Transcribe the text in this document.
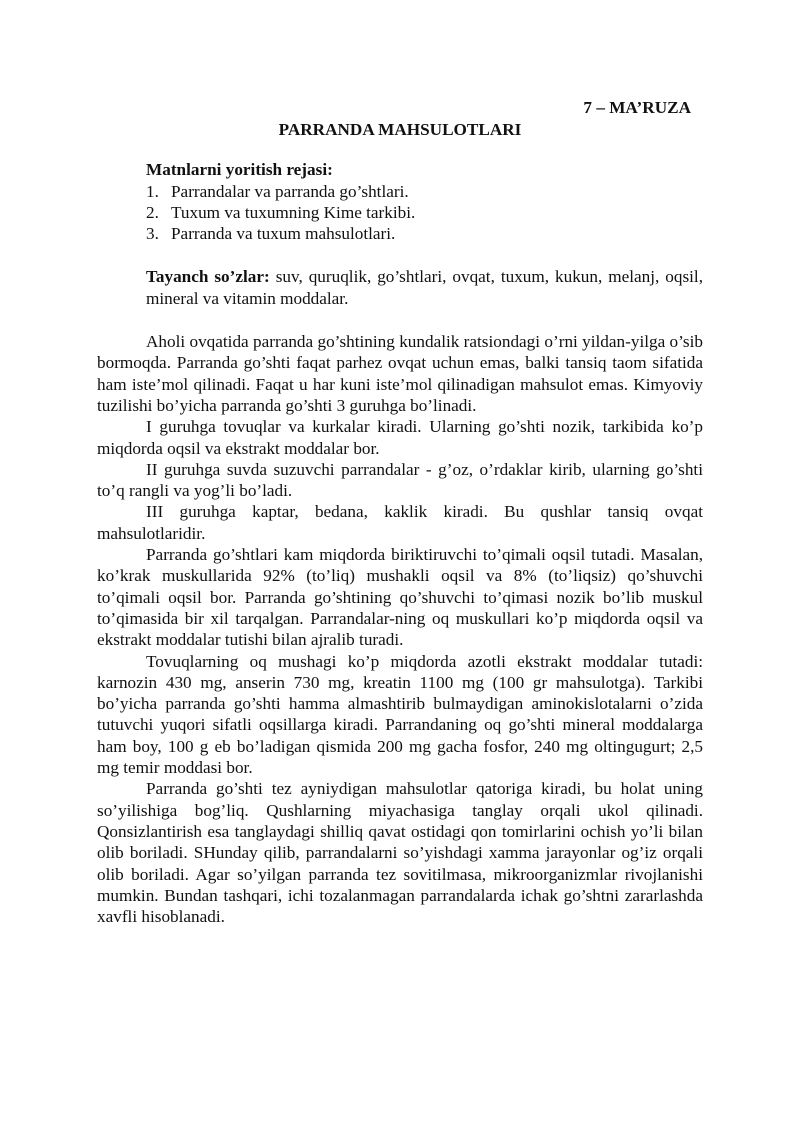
7 – MA’RUZA

PARRANDA MAHSULOTLARI

Matnlarni yoritish rejasi:

1. Parrandalar va parranda go’shtlari.
2. Tuxum va tuxumning Kime tarkibi.
3. Parranda va tuxum mahsulotlari.

Tayanch so’zlar: suv, quruqlik, go’shtlari, ovqat, tuxum, kukun, melanj, oqsil, mineral va vitamin moddalar.

Aholi ovqatida parranda go’shtining kundalik ratsiondagi o’rni yildan-yilga o’sib bormoqda. Parranda go’shti faqat parhez ovqat uchun emas, balki tansiq taom sifatida ham iste’mol qilinadi. Faqat u har kuni iste’mol qilinadigan mahsulot emas. Kimyoviy tuzilishi bo’yicha parranda go’shti 3 guruhga bo’linadi.

I guruhga tovuqlar va kurkalar kiradi. Ularning go’shti nozik, tarkibida ko’p miqdorda oqsil va ekstrakt moddalar bor.

II guruhga suvda suzuvchi parrandalar - g’oz, o’rdaklar kirib, ularning go’shti to’q rangli va yog’li bo’ladi.

III guruhga kaptar, bedana, kaklik kiradi. Bu qushlar tansiq ovqat mahsulotlaridir.

Parranda go’shtlari kam miqdorda biriktiruvchi to’qimali oqsil tutadi. Masalan, ko’krak muskullarida 92% (to’liq) mushakli oqsil va 8% (to’liqsiz) qo’shuvchi to’qimali oqsil bor. Parranda go’shtining qo’shuvchi to’qimasi nozik bo’lib muskul to’qimasida bir xil tarqalgan. Parrandalar-ning oq muskullari ko’p miqdorda oqsil va ekstrakt moddalar tutishi bilan ajralib turadi.

Tovuqlarning oq mushagi ko’p miqdorda azotli ekstrakt moddalar tutadi: karnozin 430 mg, anserin 730 mg, kreatin 1100 mg (100 gr mahsulotga). Tarkibi bo’yicha parranda go’shti hamma almashtirib bulmaydigan aminokislotalarni o’zida tutuvchi yuqori sifatli oqsillarga kiradi. Parrandaning oq go’shti mineral moddalarga ham boy, 100 g eb bo’ladigan qismida 200 mg gacha fosfor, 240 mg oltingugurt; 2,5 mg temir moddasi bor.

Parranda go’shti tez ayniydigan mahsulotlar qatoriga kiradi, bu holat uning so’yilishiga bog’liq. Qushlarning miyachasiga tanglay orqali ukol qilinadi. Qonsizlantirish esa tanglaydagi shilliq qavat ostidagi qon tomirlarini ochish yo’li bilan olib boriladi. SHunday qilib, parrandalarni so’yishdagi xamma jarayonlar og’iz orqali olib boriladi. Agar so’yilgan parranda tez sovitilmasa, mikroorganizmlar rivojlanishi mumkin. Bundan tashqari, ichi tozalanmagan parrandalarda ichak go’shtni zararlashda xavfli hisoblanadi.
